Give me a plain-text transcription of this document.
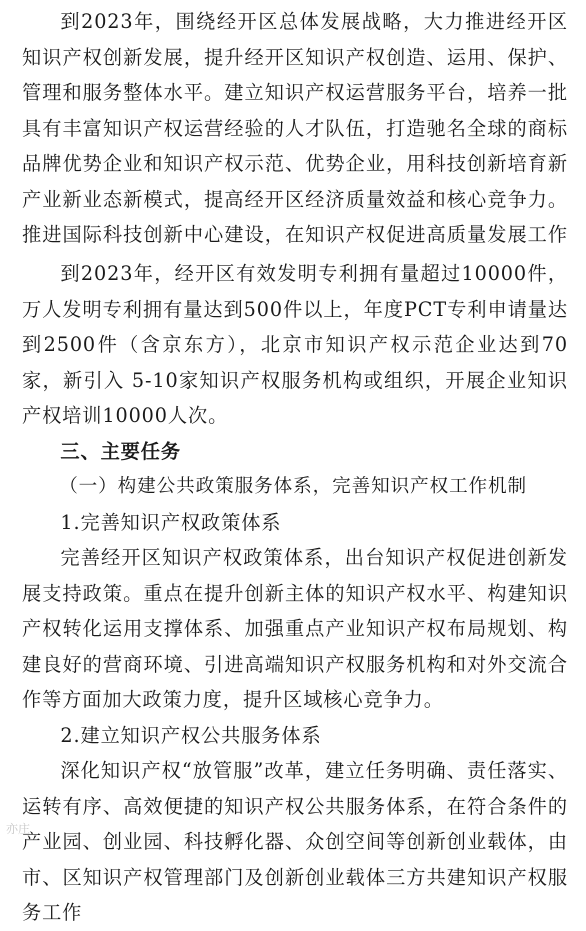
到2023年，围绕经开区总体发展战略，大力推进经开区知识产权创新发展，提升经开区知识产权创造、运用、保护、管理和服务整体水平。建立知识产权运营服务平台，培养一批具有丰富知识产权运营经验的人才队伍，打造驰名全球的商标品牌优势企业和知识产权示范、优势企业，用科技创新培育新产业新业态新模式，提高经开区经济质量效益和核心竞争力。推进国际科技创新中心建设，在知识产权促进高质量发展工作

到2023年，经开区有效发明专利拥有量超过10000件，万人发明专利拥有量达到500件以上，年度PCT专利申请量达到2500件（含京东方），北京市知识产权示范企业达到70家，新引入 5-10家知识产权服务机构或组织，开展企业知识产权培训10000人次。

三、主要任务

（一）构建公共政策服务体系，完善知识产权工作机制

1.完善知识产权政策体系

完善经开区知识产权政策体系，出台知识产权促进创新发展支持政策。重点在提升创新主体的知识产权水平、构建知识产权转化运用支撑体系、加强重点产业知识产权布局规划、构建良好的营商环境、引进高端知识产权服务机构和对外交流合作等方面加大政策力度，提升区域核心竞争力。

2.建立知识产权公共服务体系

深化知识产权“放管服”改革，建立任务明确、责任落实、运转有序、高效便捷的知识产权公共服务体系，在符合条件的产业园、创业园、科技孵化器、众创空间等创新创业载体，由市、区知识产权管理部门及创新创业载体三方共建知识产权服务工作

亦庄
